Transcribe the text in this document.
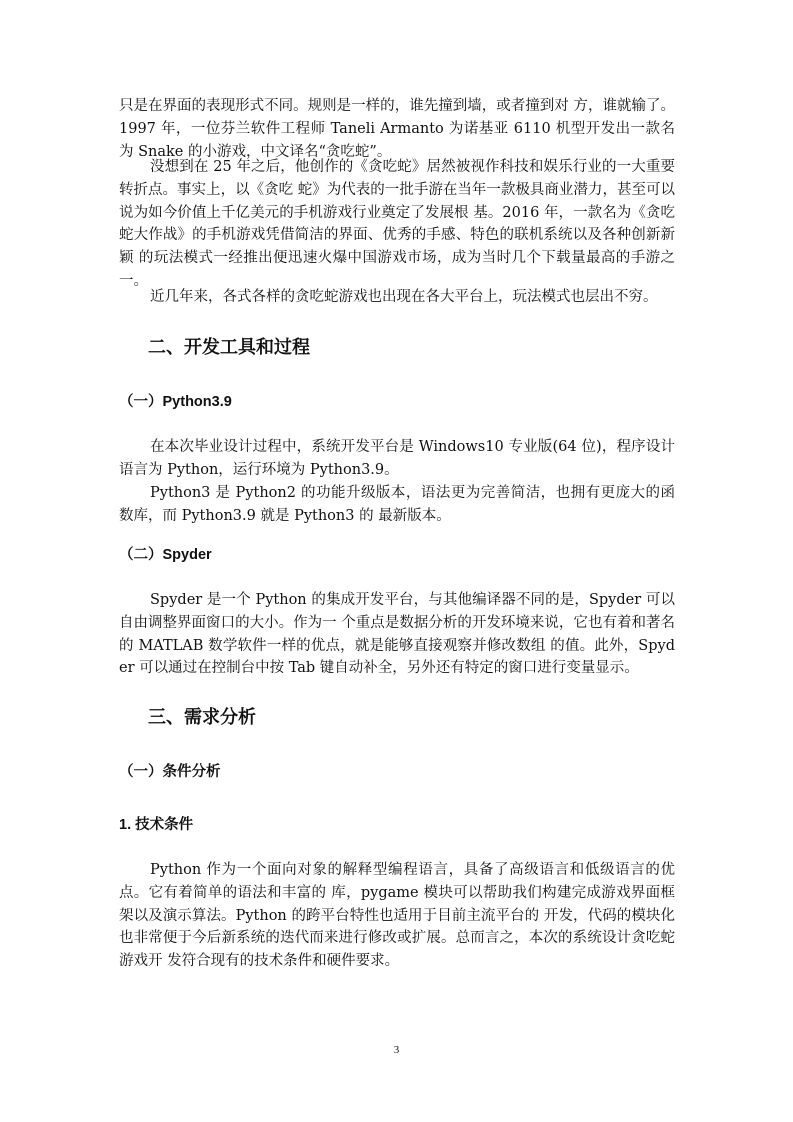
只是在界面的表现形式不同。规则是一样的，谁先撞到墙，或者撞到对 方，谁就输了。1997 年，一位芬兰软件工程师 Taneli Armanto 为诺基亚 6110 机型开发出一款名为 Snake 的小游戏，中文译名“贪吃蛇”。

没想到在 25 年之后，他创作的《贪吃蛇》居然被视作科技和娱乐行业的一大重要转折点。事实上，以《贪吃 蛇》为代表的一批手游在当年一款极具商业潜力，甚至可以说为如今价值上千亿美元的手机游戏行业奠定了发展根 基。2016 年，一款名为《贪吃蛇大作战》的手机游戏凭借简洁的界面、优秀的手感、特色的联机系统以及各种创新新颖 的玩法模式一经推出便迅速火爆中国游戏市场，成为当时几个下载量最高的手游之一。

近几年来，各式各样的贪吃蛇游戏也出现在各大平台上，玩法模式也层出不穷。

二、开发工具和过程
（一）Python3.9

在本次毕业设计过程中，系统开发平台是 Windows10 专业版(64 位)，程序设计语言为 Python，运行环境为 Python3.9。

Python3 是 Python2 的功能升级版本，语法更为完善简洁，也拥有更庞大的函数库，而 Python3.9 就是 Python3 的 最新版本。

（二）Spyder

Spyder 是一个 Python 的集成开发平台，与其他编译器不同的是，Spyder 可以自由调整界面窗口的大小。作为一 个重点是数据分析的开发环境来说，它也有着和著名的 MATLAB 数学软件一样的优点，就是能够直接观察并修改数组 的值。此外，Spyder 可以通过在控制台中按 Tab 键自动补全，另外还有特定的窗口进行变量显示。

三、需求分析
（一）条件分析
1. 技术条件

Python 作为一个面向对象的解释型编程语言，具备了高级语言和低级语言的优点。它有着简单的语法和丰富的 库，pygame 模块可以帮助我们构建完成游戏界面框架以及演示算法。Python 的跨平台特性也适用于目前主流平台的 开发，代码的模块化也非常便于今后新系统的迭代而来进行修改或扩展。总而言之，本次的系统设计贪吃蛇游戏开 发符合现有的技术条件和硬件要求。

3
